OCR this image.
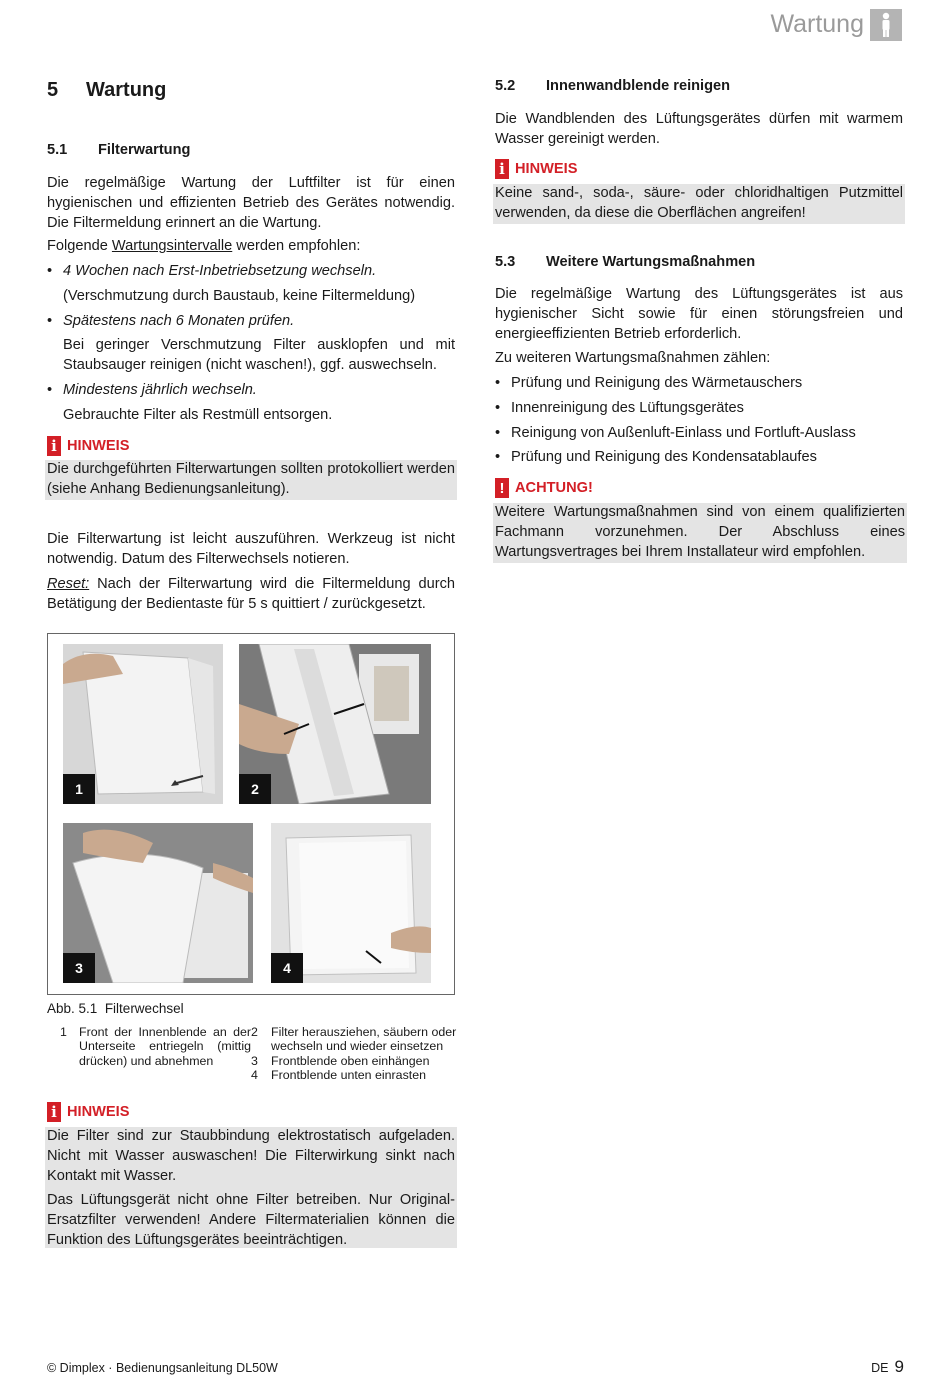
Wartung
5 Wartung
5.1 Filterwartung

Die regelmäßige Wartung der Luftfilter ist für einen hygienischen und effizienten Betrieb des Gerätes notwendig. Die Filtermeldung erinnert an die Wartung.

Folgende Wartungsintervalle werden empfohlen:

• 4 Wochen nach Erst-Inbetriebsetzung wechseln.

(Verschmutzung durch Baustaub, keine Filtermeldung)

• Spätestens nach 6 Monaten prüfen.

Bei geringer Verschmutzung Filter ausklopfen und mit Staubsauger reinigen (nicht waschen!), ggf. auswechseln.

• Mindestens jährlich wechseln.

Gebrauchte Filter als Restmüll entsorgen.

i HINWEIS

Die durchgeführten Filterwartungen sollten protokolliert werden (siehe Anhang Bedienungsanleitung).

Die Filterwartung ist leicht auszuführen. Werkzeug ist nicht notwendig. Datum des Filterwechsels notieren.

Reset: Nach der Filterwartung wird die Filtermeldung durch Betätigung der Bedientaste für 5 s quittiert / zurückgesetzt.

1	2
3	4
Abb. 5.1 Filterwechsel
1 Front der Innenblende an der Unterseite entriegeln (mittig drücken) und abnehmen
2	Filter herausziehen, säubern oder wechseln und wieder einsetzen
3	Frontblende oben einhängen
4	Frontblende unten einrasten
i HINWEIS

Die Filter sind zur Staubbindung elektrostatisch aufgeladen. Nicht mit Wasser auswaschen! Die Filterwirkung sinkt nach Kontakt mit Wasser.

Das Lüftungsgerät nicht ohne Filter betreiben. Nur Original-Ersatzfilter verwenden! Andere Filtermaterialien können die Funktion des Lüftungsgerätes beeinträchtigen.

5.2 Innenwandblende reinigen

Die Wandblenden des Lüftungsgerätes dürfen mit warmem Wasser gereinigt werden.

i HINWEIS

Keine sand-, soda-, säure- oder chloridhaltigen Putzmittel verwenden, da diese die Oberflächen angreifen!

5.3 Weitere Wartungsmaßnahmen

Die regelmäßige Wartung des Lüftungsgerätes ist aus hygienischer Sicht sowie für einen störungsfreien und energieeffizienten Betrieb erforderlich.

Zu weiteren Wartungsmaßnahmen zählen:

• Prüfung und Reinigung des Wärmetauschers
• Innenreinigung des Lüftungsgerätes
• Reinigung von Außenluft-Einlass und Fortluft-Auslass
• Prüfung und Reinigung des Kondensatablaufes
! ACHTUNG!

Weitere Wartungsmaßnahmen sind von einem qualifizierten Fachmann vorzunehmen. Der Abschluss eines Wartungsvertrages bei Ihrem Installateur wird empfohlen.

© Dimplex · Bedienungsanleitung DL50W	DE 9
